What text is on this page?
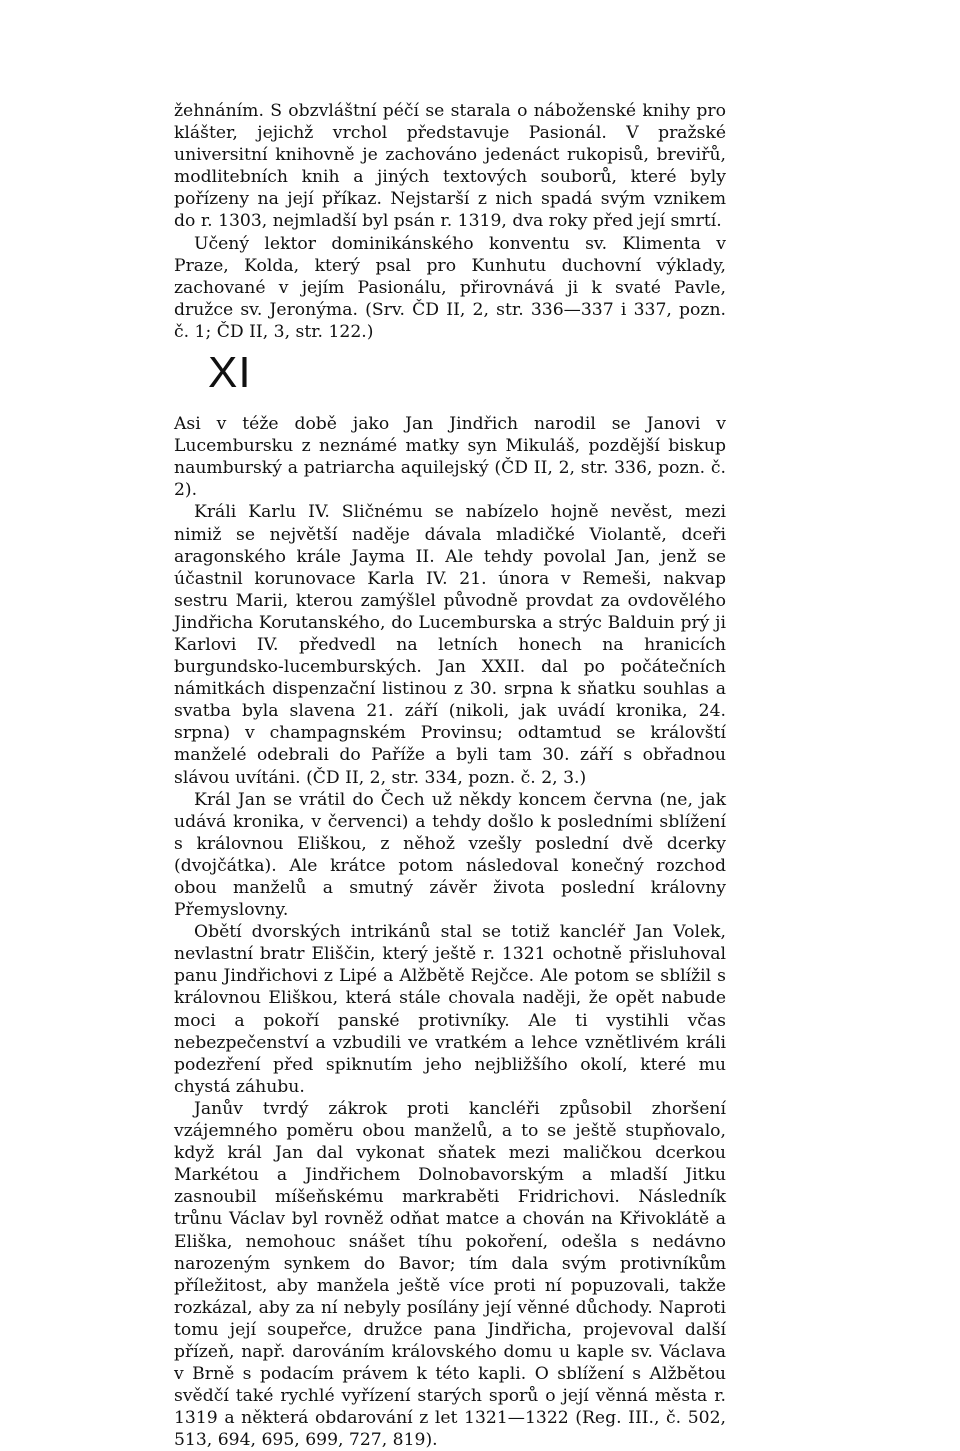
žehnáním. S obzvláštní péčí se starala o náboženské knihy pro klášter, jejichž vrchol představuje Pasionál. V pražské universitní knihovně je zachováno jedenáct rukopisů, breviřů, modlitebních knih a jiných textových souborů, které byly pořízeny na její příkaz. Nejstarší z nich spadá svým vznikem do r. 1303, nejmladší byl psán r. 1319, dva roky před její smrtí.

Učený lektor dominikánského konventu sv. Klimenta v Praze, Kolda, který psal pro Kunhutu duchovní výklady, zachované v jejím Pasionálu, přirovnává ji k svaté Pavle, družce sv. Jeronýma. (Srv. ČD II, 2, str. 336—337 i 337, pozn. č. 1; ČD II, 3, str. 122.)

XI

Asi v téže době jako Jan Jindřich narodil se Janovi v Lucembursku z neznámé matky syn Mikuláš, pozdější biskup naumburský a patriarcha aquilejský (ČD II, 2, str. 336, pozn. č. 2).

Králi Karlu IV. Sličnému se nabízelo hojně nevěst, mezi nimiž se největší naděje dávala mladičké Violantě, dceři aragonského krále Jayma II. Ale tehdy povolal Jan, jenž se účastnil korunovace Karla IV. 21. února v Remeši, nakvap sestru Marii, kterou zamýšlel původně provdat za ovdovělého Jindřicha Korutanského, do Lucemburska a strýc Balduin prý ji Karlovi IV. předvedl na letních honech na hranicích burgundsko-lucemburských. Jan XXII. dal po počátečních námitkách dispenzační listinou z 30. srpna k sňatku souhlas a svatba byla slavena 21. září (nikoli, jak uvádí kronika, 24. srpna) v champagnském Provinsu; odtamtud se královští manželé odebrali do Paříže a byli tam 30. září s obřadnou slávou uvítáni. (ČD II, 2, str. 334, pozn. č. 2, 3.)

Král Jan se vrátil do Čech už někdy koncem června (ne, jak udává kronika, v červenci) a tehdy došlo k posledními sblížení s královnou Eliškou, z něhož vzešly poslední dvě dcerky (dvojčátka). Ale krátce potom následoval konečný rozchod obou manželů a smutný závěr života poslední královny Přemyslovny.

Obětí dvorských intrikánů stal se totiž kancléř Jan Volek, nevlastní bratr Eliščin, který ještě r. 1321 ochotně přisluhoval panu Jindřichovi z Lipé a Alžbětě Rejčce. Ale potom se sblížil s královnou Eliškou, která stále chovala naději, že opět nabude moci a pokoří panské protivníky. Ale ti vystihli včas nebezpečenství a vzbudili ve vratkém a lehce vznětlivém králi podezření před spiknutím jeho nejbližšího okolí, které mu chystá záhubu.

Janův tvrdý zákrok proti kancléři způsobil zhoršení vzájemného poměru obou manželů, a to se ještě stupňovalo, když král Jan dal vykonat sňatek mezi maličkou dcerkou Markétou a Jindřichem Dolnobavorským a mladší Jitku zasnoubil míšeňskému markraběti Fridrichovi. Následník trůnu Václav byl rovněž odňat matce a chován na Křivoklátě a Eliška, nemohouc snášet tíhu pokoření, odešla s nedávno narozeným synkem do Bavor; tím dala svým protivníkům příležitost, aby manžela ještě více proti ní popuzovali, takže rozkázal, aby za ní nebyly posílány její věnné důchody. Naproti tomu její soupeřce, družce pana Jindřicha, projevoval další přízeň, např. darováním královského domu u kaple sv. Václava v Brně s podacím právem k této kapli. O sblížení s Alžbětou svědčí také rychlé vyřízení starých sporů o její věnná města r. 1319 a některá obdarování z let 1321—1322 (Reg. III., č. 502, 513, 694, 695, 699, 727, 819).
